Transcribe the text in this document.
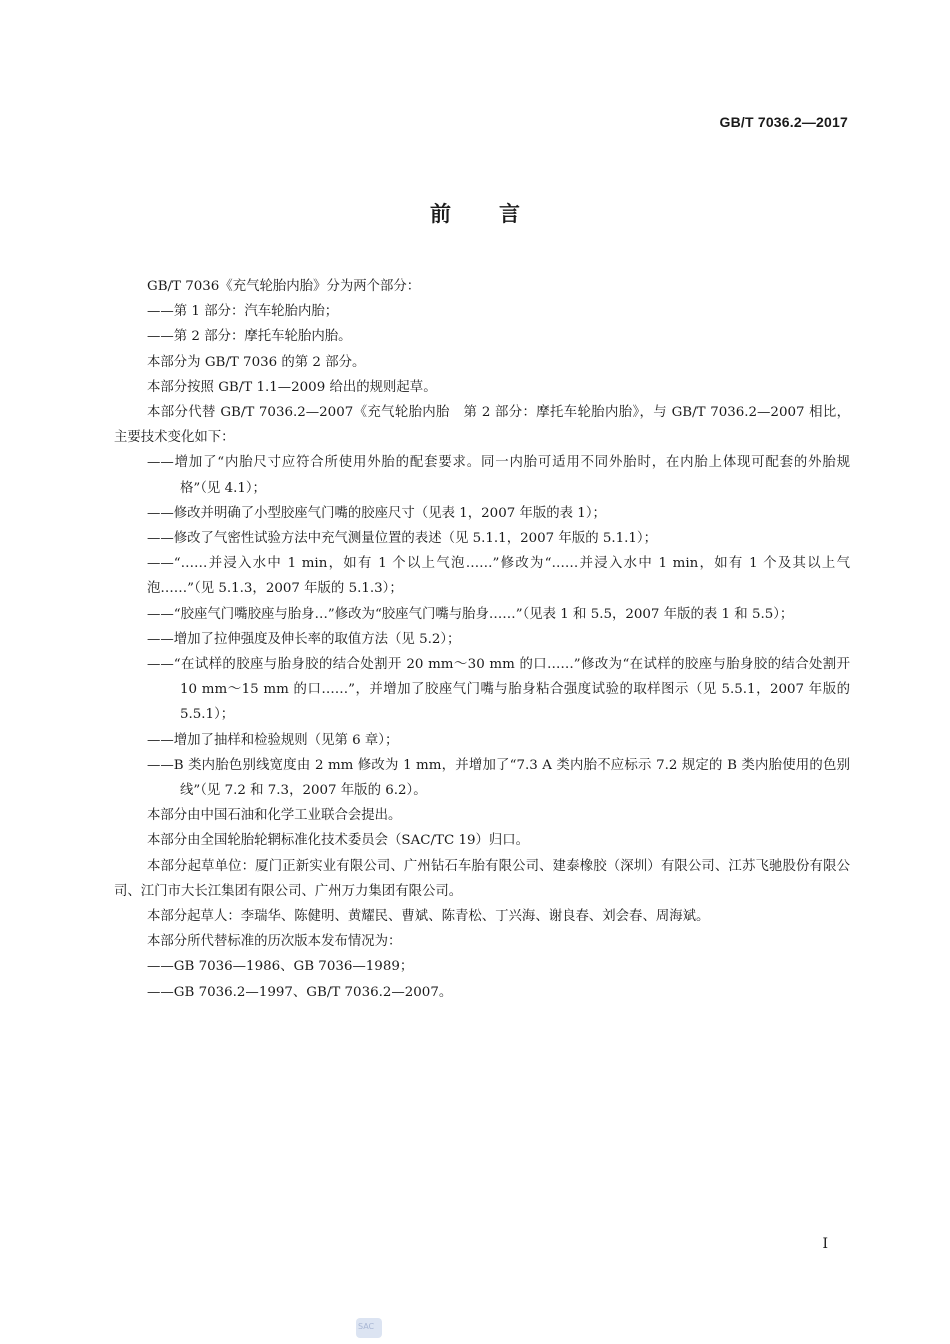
GB/T 7036.2—2017
前言
GB/T 7036《充气轮胎内胎》分为两个部分：
——第 1 部分：汽车轮胎内胎；
——第 2 部分：摩托车轮胎内胎。
本部分为 GB/T 7036 的第 2 部分。
本部分按照 GB/T 1.1—2009 给出的规则起草。
本部分代替 GB/T 7036.2—2007《充气轮胎内胎　第 2 部分：摩托车轮胎内胎》，与 GB/T 7036.2—2007 相比，主要技术变化如下：
——增加了“内胎尺寸应符合所使用外胎的配套要求。同一内胎可适用不同外胎时，在内胎上体现可配套的外胎规格”（见 4.1）；
——修改并明确了小型胶座气门嘴的胶座尺寸（见表 1，2007 年版的表 1）；
——修改了气密性试验方法中充气测量位置的表述（见 5.1.1，2007 年版的 5.1.1）；
——“……并浸入水中 1 min，如有 1 个以上气泡……”修改为“……并浸入水中 1 min，如有 1 个及其以上气泡……”（见 5.1.3，2007 年版的 5.1.3）；
——“胶座气门嘴胶座与胎身…”修改为“胶座气门嘴与胎身……”（见表 1 和 5.5，2007 年版的表 1 和 5.5）；
——增加了拉伸强度及伸长率的取值方法（见 5.2）；
——“在试样的胶座与胎身胶的结合处割开 20 mm～30 mm 的口……”修改为“在试样的胶座与胎身胶的结合处割开 10 mm～15 mm 的口……”，并增加了胶座气门嘴与胎身粘合强度试验的取样图示（见 5.5.1，2007 年版的 5.5.1）；
——增加了抽样和检验规则（见第 6 章）；
——B 类内胎色别线宽度由 2 mm 修改为 1 mm，并增加了“7.3 A 类内胎不应标示 7.2 规定的 B 类内胎使用的色别线”（见 7.2 和 7.3，2007 年版的 6.2）。
本部分由中国石油和化学工业联合会提出。
本部分由全国轮胎轮辋标准化技术委员会（SAC/TC 19）归口。
本部分起草单位：厦门正新实业有限公司、广州钻石车胎有限公司、建泰橡胶（深圳）有限公司、江苏飞驰股份有限公司、江门市大长江集团有限公司、广州万力集团有限公司。
本部分起草人：李瑞华、陈健明、黄耀民、曹斌、陈青松、丁兴海、谢良春、刘会春、周海斌。
本部分所代替标准的历次版本发布情况为：
——GB 7036—1986、GB 7036—1989；
——GB 7036.2—1997、GB/T 7036.2—2007。
I
SAC
